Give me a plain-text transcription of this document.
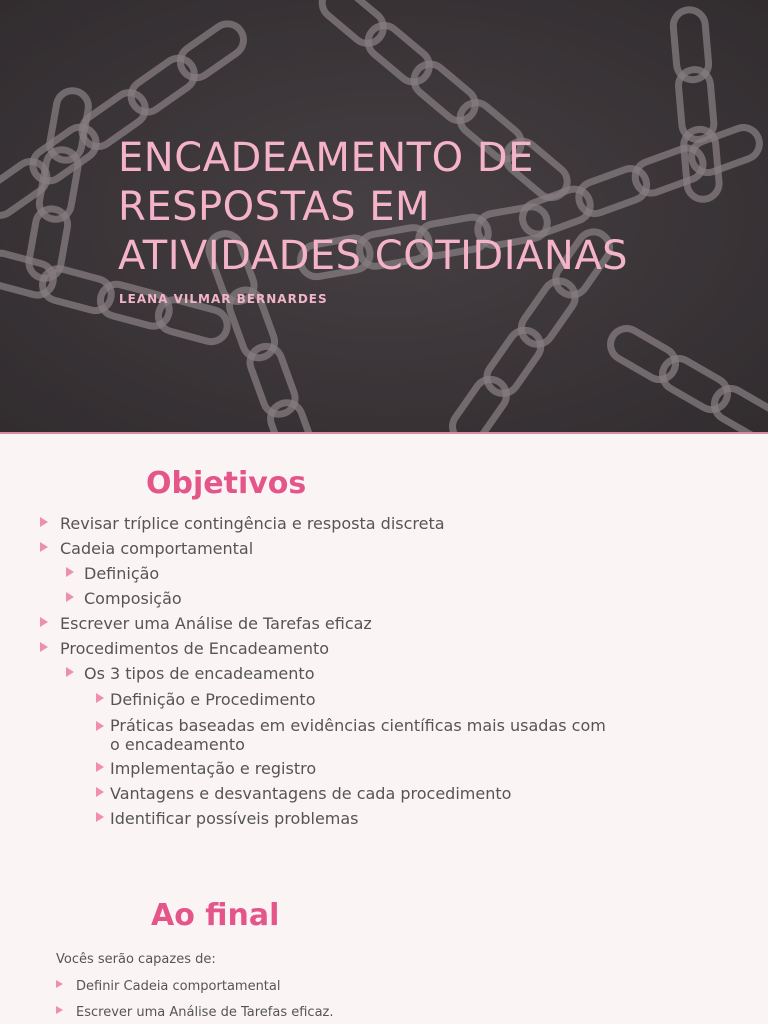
ENCADEAMENTO DE
RESPOSTAS EM
ATIVIDADES COTIDIANAS
LEANA VILMAR BERNARDES
Objetivos
Revisar tríplice contingência e resposta discreta
Cadeia comportamental
Definição
Composição
Escrever uma Análise de Tarefas eficaz
Procedimentos de Encadeamento
Os 3 tipos de encadeamento
Definição e Procedimento
Práticas baseadas em evidências científicas mais usadas com o encadeamento
Implementação e registro
Vantagens e desvantagens de cada procedimento
Identificar possíveis problemas
Ao final
Vocês serão capazes de:
Definir Cadeia comportamental
Escrever uma Análise de Tarefas eficaz.
